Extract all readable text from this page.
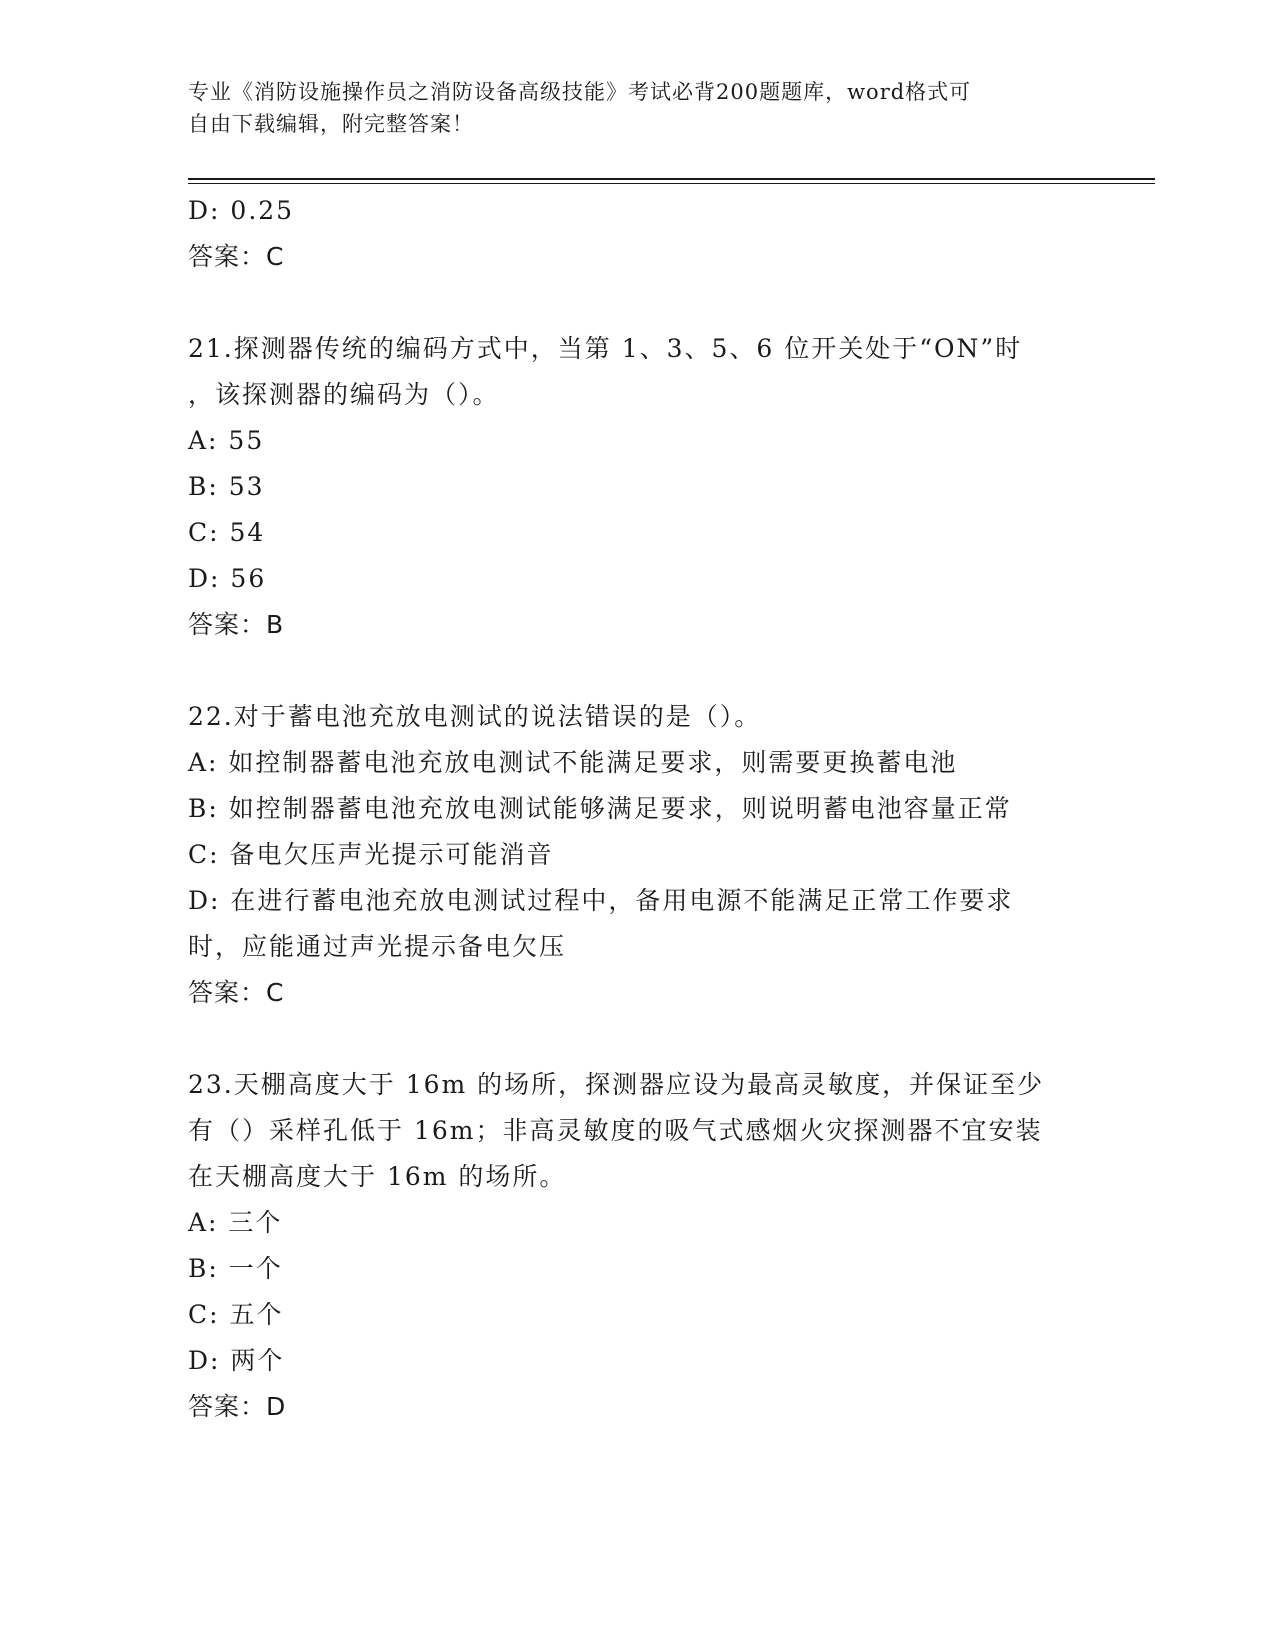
专业《消防设施操作员之消防设备高级技能》考试必背200题题库，word格式可
自由下载编辑，附完整答案！
D: 0.25
答案：C
21.探测器传统的编码方式中，当第 1、3、5、6 位开关处于“ON”时
，该探测器的编码为（）。
A: 55
B: 53
C: 54
D: 56
答案：B
22.对于蓄电池充放电测试的说法错误的是（）。
A: 如控制器蓄电池充放电测试不能满足要求，则需要更换蓄电池
B: 如控制器蓄电池充放电测试能够满足要求，则说明蓄电池容量正常
C: 备电欠压声光提示可能消音
D: 在进行蓄电池充放电测试过程中，备用电源不能满足正常工作要求
时，应能通过声光提示备电欠压
答案：C
23.天棚高度大于 16m 的场所，探测器应设为最高灵敏度，并保证至少
有（）采样孔低于 16m；非高灵敏度的吸气式感烟火灾探测器不宜安装
在天棚高度大于 16m 的场所。
A: 三个
B: 一个
C: 五个
D: 两个
答案：D
